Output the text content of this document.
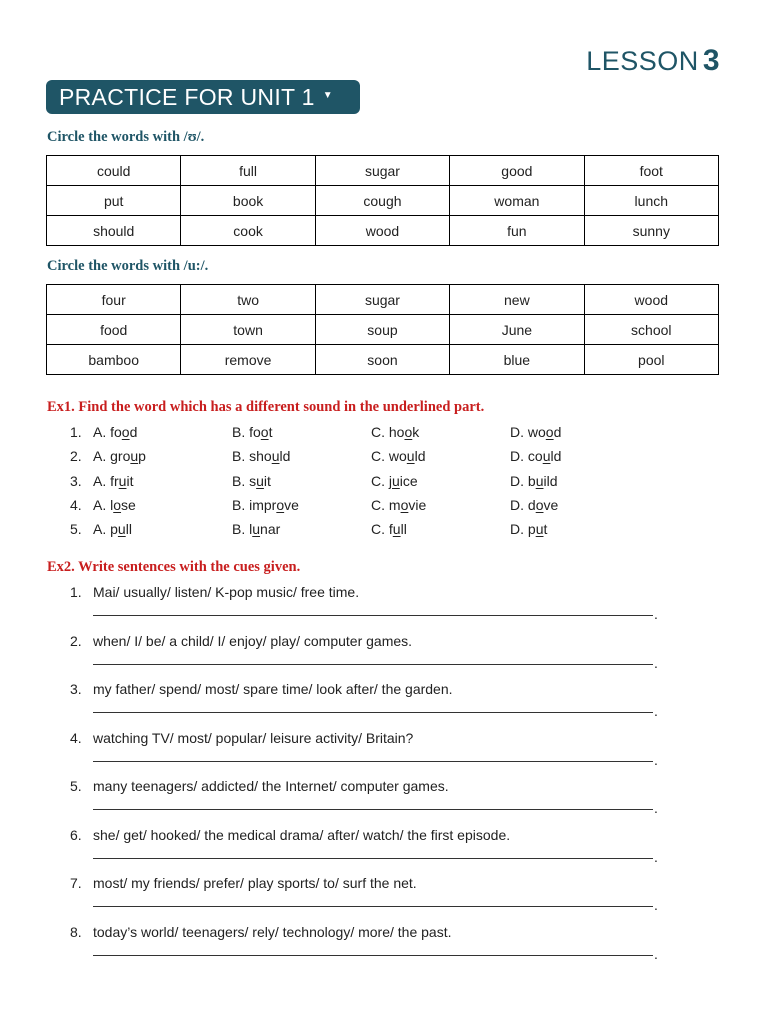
LESSON 3
PRACTICE FOR UNIT 1 ▼
Circle the words with /ʊ/.
could	full	sugar	good	foot
put	book	cough	woman	lunch
should	cook	wood	fun	sunny
Circle the words with /u:/.
four	two	sugar	new	wood
food	town	soup	June	school
bamboo	remove	soon	blue	pool
Ex1. Find the word which has a different sound in the underlined part.
1. A. food	B. foot	C. hook	D. wood
2. A. group	B. should	C. would	D. could
3. A. fruit	B. suit	C. juice	D. build
4. A. lose	B. improve	C. movie	D. dove
5. A. pull	B. lunar	C. full	D. put
Ex2. Write sentences with the cues given.
1. Mai/ usually/ listen/ K-pop music/ free time.
.
2. when/ I/ be/ a child/ I/ enjoy/ play/ computer games.
.
3. my father/ spend/ most/ spare time/ look after/ the garden.
.
4. watching TV/ most/ popular/ leisure activity/ Britain?
.
5. many teenagers/ addicted/ the Internet/ computer games.
.
6. she/ get/ hooked/ the medical drama/ after/ watch/ the first episode.
.
7. most/ my friends/ prefer/ play sports/ to/ surf the net.
.
8. today’s world/ teenagers/ rely/ technology/ more/ the past.
.
